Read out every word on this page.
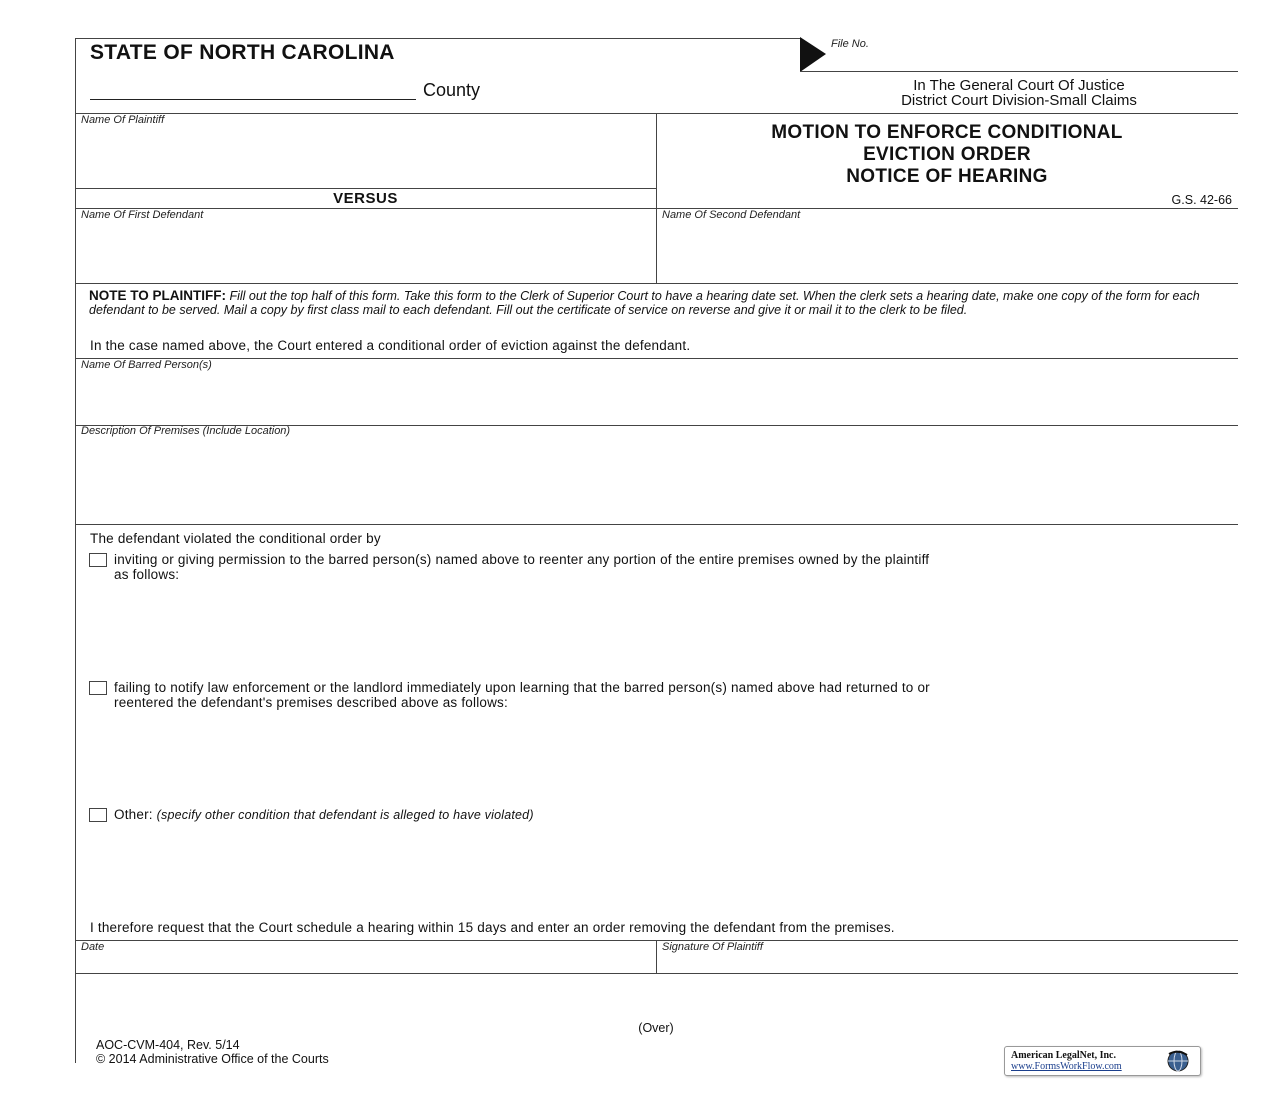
STATE OF NORTH CAROLINA
County
File No.
In The General Court Of Justice
District Court Division-Small Claims
Name Of Plaintiff
VERSUS
MOTION TO ENFORCE CONDITIONAL
EVICTION ORDER
NOTICE OF HEARING
G.S. 42-66
Name Of First Defendant	Name Of Second Defendant
NOTE TO PLAINTIFF: Fill out the top half of this form. Take this form to the Clerk of Superior Court to have a hearing date set. When the clerk sets a hearing date, make one copy of the form for each defendant to be served. Mail a copy by first class mail to each defendant. Fill out the certificate of service on reverse and give it or mail it to the clerk to be filed.
In the case named above, the Court entered a conditional order of eviction against the defendant.
Name Of Barred Person(s)
Description Of Premises (Include Location)
The defendant violated the conditional order by
inviting or giving permission to the barred person(s) named above to reenter any portion of the entire premises owned by the plaintiff
as follows:
failing to notify law enforcement or the landlord immediately upon learning that the barred person(s) named above had returned to or
reentered the defendant's premises described above as follows:
Other: (specify other condition that defendant is alleged to have violated)
I therefore request that the Court schedule a hearing within 15 days and enter an order removing the defendant from the premises.
Date	Signature Of Plaintiff
(Over)
AOC-CVM-404, Rev. 5/14
© 2014 Administrative Office of the Courts	American LegalNet, Inc.
www.FormsWorkFlow.com
